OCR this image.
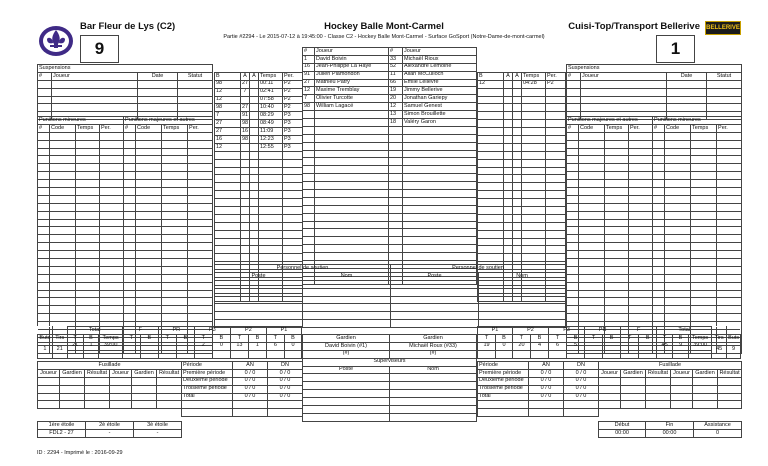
Bar Fleur de Lys (C2)
9
Hockey Balle Mont-Carmel
Partie #2294 - Le 2015-07-12 à 19:45:00 - Classe C2 - Hockey Balle Mont-Carmel - Surface GoSport (Notre-Dame-de-mont-carmel)
Cuisi-Top/Transport Bellerive BELLERIVE
1
Suspensions			
#	Joueur	Date	Statut

Punitions mineures				Punitions majeures et autres			
#	Code	Temps	Per.	#	Code	Temps	Per.

B	A	A	Temps	Per.
98	27		00:11	P2
12	7		02:41	P2
12			07:58	P2
98	27		10:40	P2
7	91		08:29	P3
27	98		08:49	P3
27	16		11:09	P3
16	98		12:23	P3
12			12:55	P3

#	Joueur
1	David Boivin
16	Jean-Philippe La Haye
91	Julien Plamondon
27	Mathieu Patry
12	Maxime Tremblay
7	Olivier Turcotte
98	William Lagacé

#	Joueur
33	Michaël Rioux
52	Alexandre Lemoine
11	Allan McCulloch
66	Émile Lelièvre
19	Jimmy Bellerive
20	Jonathan Gariepy
12	Samuel Genest
13	Simon Brouillette
18	Valéry Garon

B	A	A	Temps	Per.
12			04:28	P2

Personnel de soutien		Personnel de soutien	
Poste	Nom	Poste	Nom

Suspensions			
#	Joueur	Date	Statut

Punitions majeures et autres				Punitions mineures			
#	Code	Temps	Per.	#	Code	Temps	Per.

		Total			F		PR		P3		P2		P1	
Buts	Tirs	T	B	Temps	T	B	T	B	T	B	T	B	T	B
1	21	21	1	39:00					2	0	13	1	6	0

P1		P2		P3		PR		F		Total				
T	B	T	B	T	B	T	B	T	B	T	B	Temps	Tirs	Buts
19	0	20	4	6	5					45	9	39:00	45	9

Gardien	Gardien
David Boivin (#1)	Michaël Roux (#33)
(#)	(#)
Superviseurs	
Poste	Nom

Fusillade					
Joueur	Gardien	Résultat	Joueur	Gardien	Résultat

Période	AN	DN
Première période	0 / 0	0 / 0
Deuxième période	0 / 0	0 / 0
Troisième période	0 / 0	0 / 0
Total	0 / 0	0 / 0

Période	AN	DN
Première période	0 / 0	0 / 0
Deuxième période	0 / 0	0 / 0
Troisième période	0 / 0	0 / 0
Total	0 / 0	0 / 0

Fusillade					
Joueur	Gardien	Résultat	Joueur	Gardien	Résultat

1ère étoile	2è étoile	3è étoile
FDL2 - 27	-	-
Début	Fin	Assistance
00:00	00:00	0
ID : 2294 - Imprimé le : 2016-09-29
